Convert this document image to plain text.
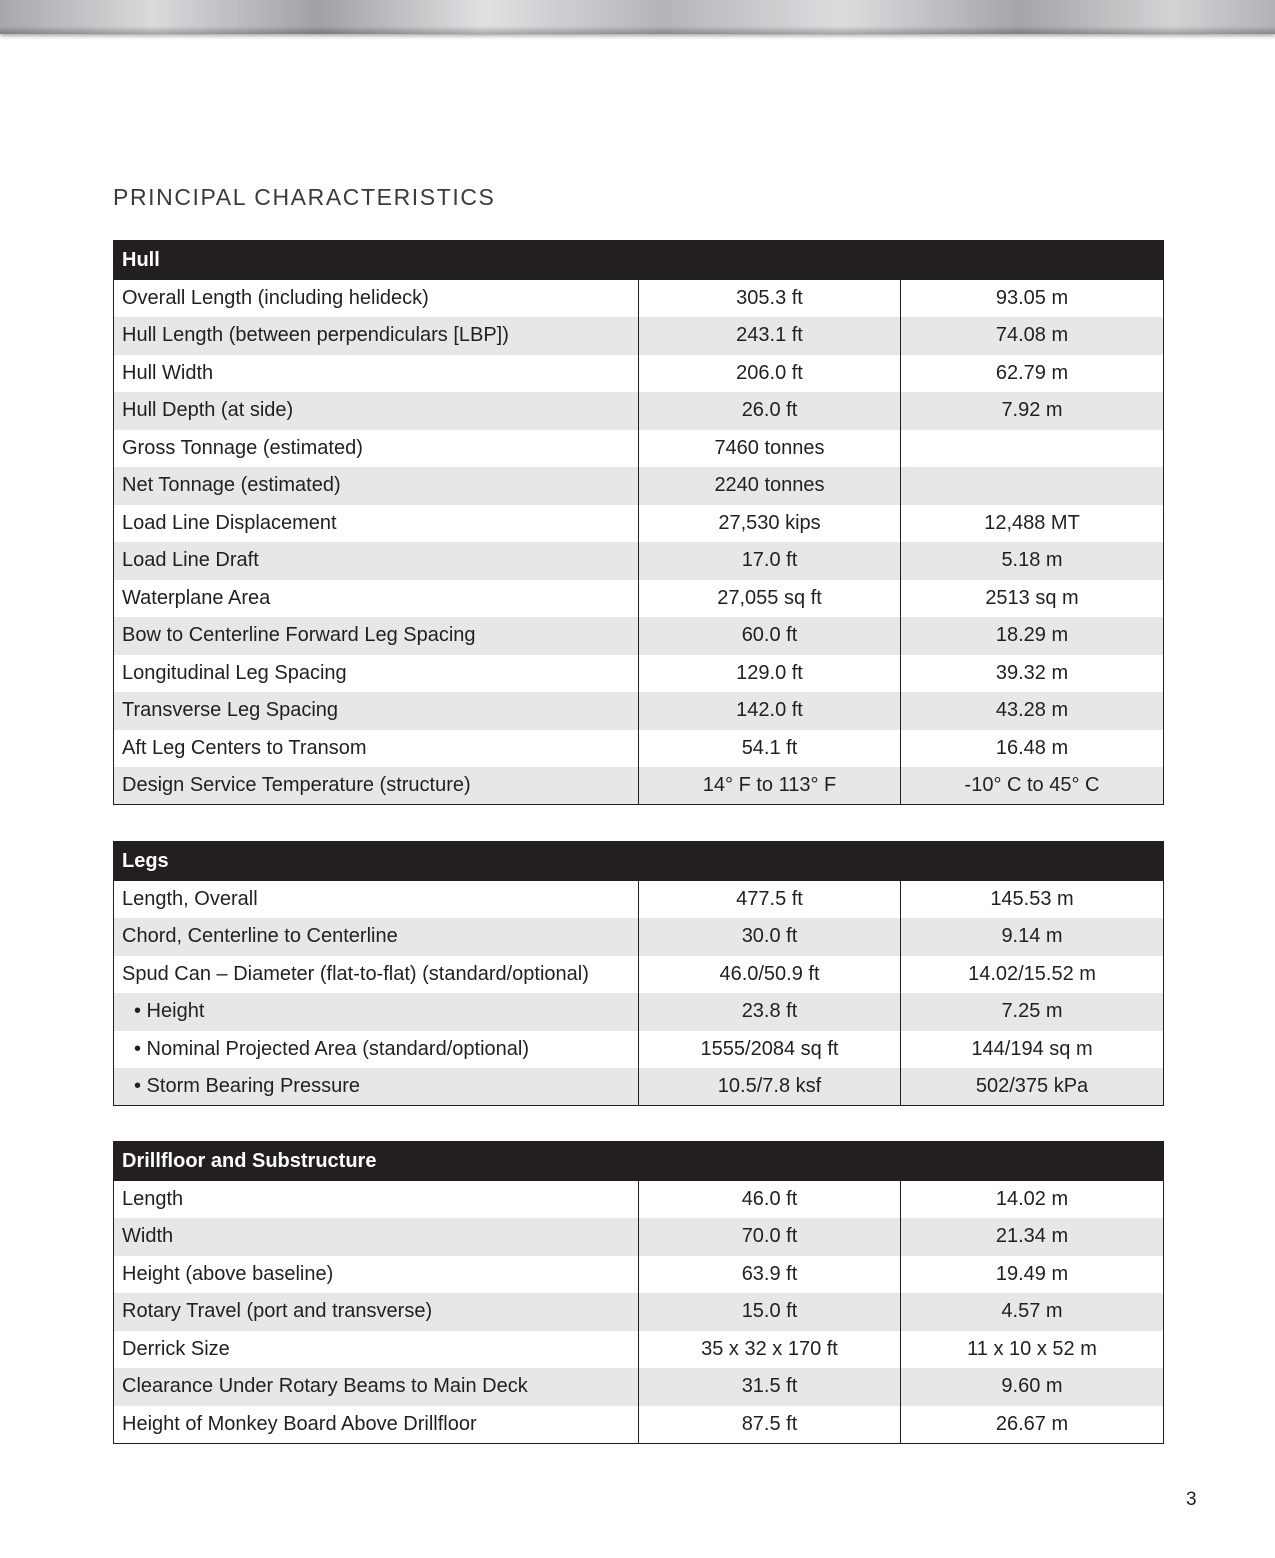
PRINCIPAL CHARACTERISTICS
Hull		
Overall Length (including helideck)	305.3 ft	93.05 m
Hull Length (between perpendiculars [LBP])	243.1 ft	74.08 m
Hull Width	206.0 ft	62.79 m
Hull Depth (at side)	26.0 ft	7.92 m
Gross Tonnage (estimated)	7460 tonnes	
Net Tonnage (estimated)	2240 tonnes	
Load Line Displacement	27,530 kips	12,488 MT
Load Line Draft	17.0 ft	5.18 m
Waterplane Area	27,055 sq ft	2513 sq m
Bow to Centerline Forward Leg Spacing	60.0 ft	18.29 m
Longitudinal Leg Spacing	129.0 ft	39.32 m
Transverse Leg Spacing	142.0 ft	43.28 m
Aft Leg Centers to Transom	54.1 ft	16.48 m
Design Service Temperature (structure)	14° F to 113° F	-10° C to 45° C
Legs		
Length, Overall	477.5 ft	145.53 m
Chord, Centerline to Centerline	30.0 ft	9.14 m
Spud Can – Diameter (flat-to-flat) (standard/optional)	46.0/50.9 ft	14.02/15.52 m
• Height	23.8 ft	7.25 m
• Nominal Projected Area (standard/optional)	1555/2084 sq ft	144/194 sq m
• Storm Bearing Pressure	10.5/7.8 ksf	502/375 kPa
Drillfloor and Substructure		
Length	46.0 ft	14.02 m
Width	70.0 ft	21.34 m
Height (above baseline)	63.9 ft	19.49 m
Rotary Travel (port and transverse)	15.0 ft	4.57 m
Derrick Size	35 x 32 x 170 ft	11 x 10 x 52 m
Clearance Under Rotary Beams to Main Deck	31.5 ft	9.60 m
Height of Monkey Board Above Drillfloor	87.5 ft	26.67 m
3
